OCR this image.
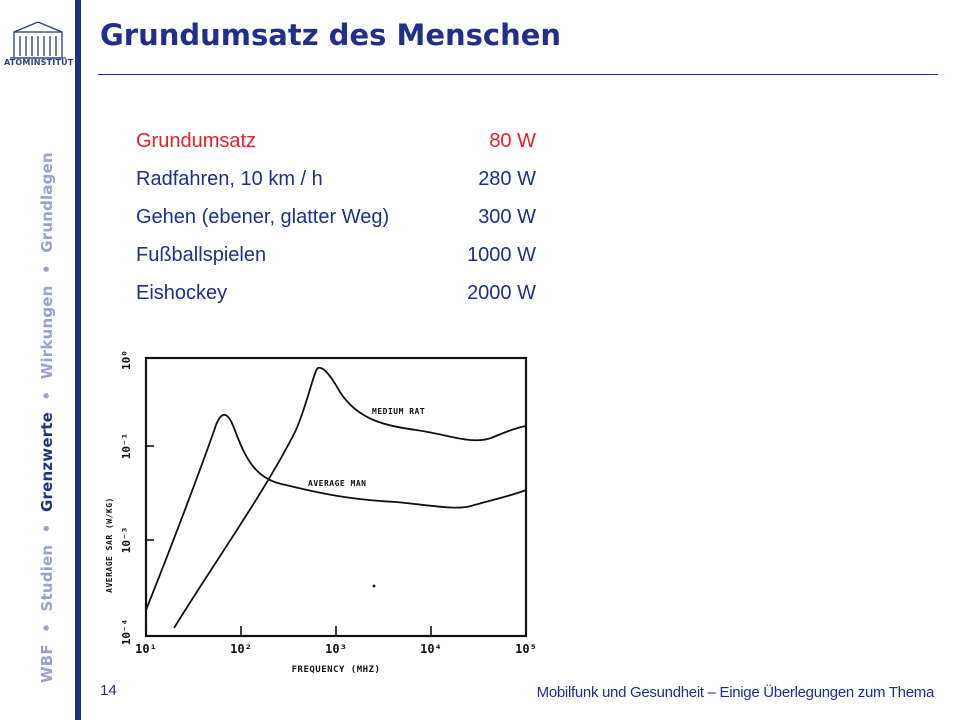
ATOMINSTITUT
WBF • Studien • Grenzwerte • Wirkungen • Grundlagen
Grundumsatz des Menschen
Grundumsatz	80 W
Radfahren, 10 km / h	280 W
Gehen (ebener, glatter Weg)	300 W
Fußballspielen	1000 W
Eishockey	2000 W
10¹	10²	10³	10⁴	10⁵
10⁰
10⁻¹
10⁻³
10⁻⁴
FREQUENCY (MHZ)
AVERAGE SAR (W/KG)
MEDIUM RAT
AVERAGE MAN
14	Mobilfunk und Gesundheit – Einige Überlegungen zum Thema
